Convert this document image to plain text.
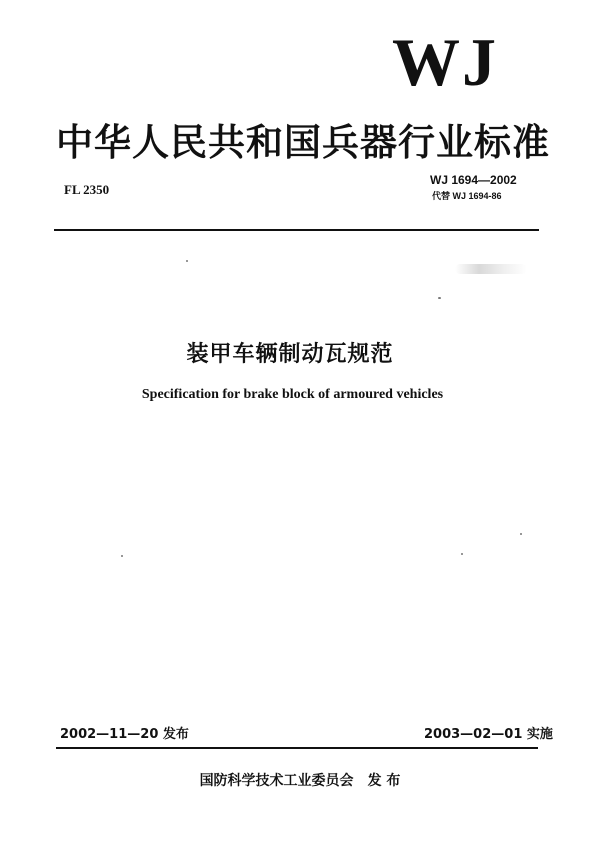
WJ
中华人民共和国兵器行业标准
FL 2350
WJ 1694—2002
代替 WJ 1694-86
装甲车辆制动瓦规范
Specification for brake block of armoured vehicles
2002—11—20 发布	2003—02—01 实施
国防科学技术工业委员会 发 布
